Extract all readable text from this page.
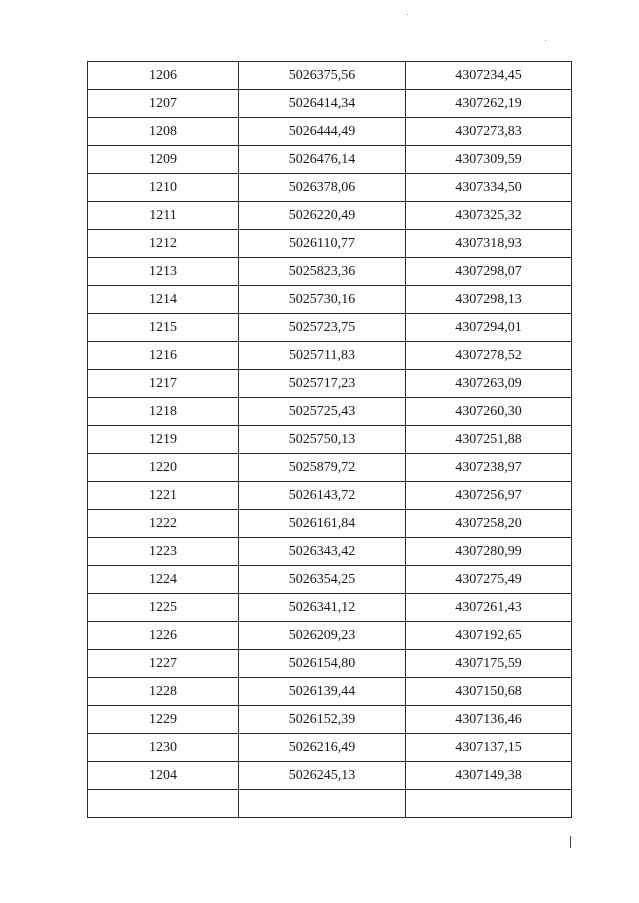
1206	5026375,56	4307234,45
1207	5026414,34	4307262,19
1208	5026444,49	4307273,83
1209	5026476,14	4307309,59
1210	5026378,06	4307334,50
1211	5026220,49	4307325,32
1212	5026110,77	4307318,93
1213	5025823,36	4307298,07
1214	5025730,16	4307298,13
1215	5025723,75	4307294,01
1216	5025711,83	4307278,52
1217	5025717,23	4307263,09
1218	5025725,43	4307260,30
1219	5025750,13	4307251,88
1220	5025879,72	4307238,97
1221	5026143,72	4307256,97
1222	5026161,84	4307258,20
1223	5026343,42	4307280,99
1224	5026354,25	4307275,49
1225	5026341,12	4307261,43
1226	5026209,23	4307192,65
1227	5026154,80	4307175,59
1228	5026139,44	4307150,68
1229	5026152,39	4307136,46
1230	5026216,49	4307137,15
1204	5026245,13	4307149,38
